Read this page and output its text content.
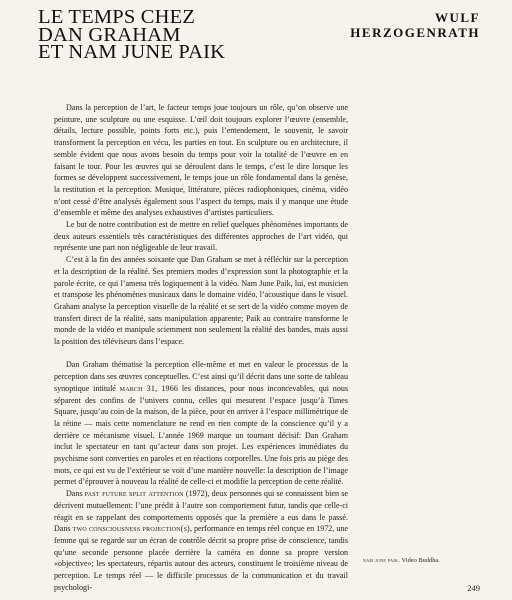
LE TEMPS CHEZ
DAN GRAHAM
ET NAM JUNE PAIK
WULF
HERZOGENRATH

Dans la perception de l’art, le facteur temps joue toujours un rôle, qu’on observe une peinture, une sculpture ou une esquisse. L’œil doit toujours explorer l’œuvre (ensemble, détails, lecture possible, points forts etc.), puis l’entendement, le souvenir, le savoir transforment la perception en vécu, les parties en tout. En sculpture ou en architecture, il semble évident que nous avons besoin du temps pour voir la totalité de l’œuvre en en faisant le tour. Pour les œuvres qui se déroulent dans le temps, c’est le dire lorsque les formes se développent successivement, le temps joue un rôle fondamental dans la genèse, la restitution et la perception. Musique, littérature, pièces radiophoniques, cinéma, vidéo n’ont cessé d’être analysés également sous l’aspect du temps, mais il y manque une étude d’ensemble et même des analyses exhaustives d’artistes particuliers.

Le but de notre contribution est de mettre en relief quelques phénomènes importants de deux auteurs essentiels très caractéristiques des différentes approches de l’art vidéo, qui représente une part non négligeable de leur travail.

C’est à la fin des années soixante que Dan Graham se met à réfléchir sur la perception et la description de la réalité. Ses premiers modes d’expression sont la photographie et la parole écrite, ce qui l’amena très logiquement à la vidéo. Nam June Paik, lui, est musicien et transpose les phénomènes musicaux dans le domaine vidéo, l’acoustique dans le visuel. Graham analyse la perception visuelle de la réalité et se sert de la vidéo comme moyen de transfert direct de la réalité, sans manipulation apparente; Paik au contraire transforme le monde de la vidéo et manipule sciemment non seulement la réalité des bandes, mais aussi la position des téléviseurs dans l’espace.

Dan Graham thématise la perception elle-même et met en valeur le processus de la perception dans ses œuvres conceptuelles. C’est ainsi qu’il décrit dans une sorte de tableau synoptique intitulé march 31, 1966 les distances, pour nous inconcevables, qui nous séparent des confins de l’univers connu, celles qui mesurent l’espace jusqu’à Times Square, jusqu’au coin de la maison, de la pièce, pour en arriver à l’espace millimétrique de la rétine — mais cette nomenclature ne rend en rien compte de la conscience qu’il y a derrière ce mécanisme visuel. L’année 1969 marque un tournant décisif: Dan Graham inclut le spectateur en tant qu’acteur dans son projet. Les expériences immédiates du psychisme sont converties en paroles et en réactions corporelles. Une fois pris au piège des mots, ce qui est vu de l’extérieur se voit d’une manière nouvelle: la description de l’image permet d’éprouver à nouveau la réalité de celle-ci et modifie la perception de cette réalité.

Dans past future split attention (1972), deux personnes qui se connaissent bien se décrivent mutuellement: l’une prédit à l’autre son comportement futur, tandis que celle-ci réagit en se rappelant des comportements opposés que la première a eus dans le passé. Dans two consciousness projection(s), performance en temps réel conçue en 1972, une femme qui se regarde sur un écran de contrôle décrit sa propre prise de conscience, tandis qu’une seconde personne placée derrière la caméra en donne sa propre version «objective»; les spectateurs, répartis autour des acteurs, constituent le troisième niveau de perception. Le temps réel — le difficile processus de la communication et du travail psychologi-

nam june paik. Video Buddha.
249
